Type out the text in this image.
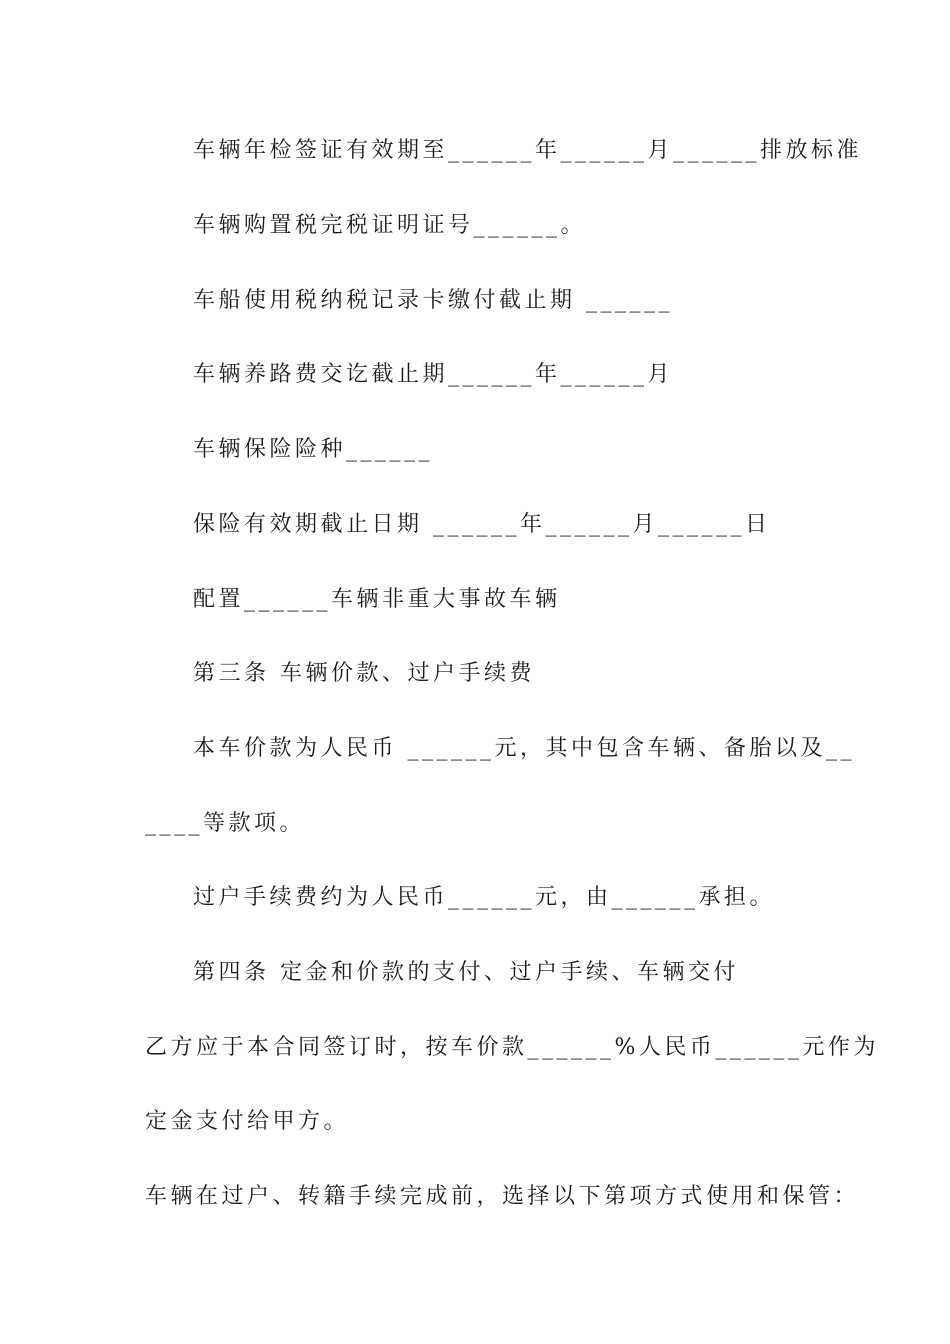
车辆年检签证有效期至______年______月______排放标准

车辆购置税完税证明证号______。

车船使用税纳税记录卡缴付截止期 ______

车辆养路费交讫截止期______年______月

车辆保险险种______

保险有效期截止日期 ______年______月______日

配置______车辆非重大事故车辆

第三条 车辆价款、过户手续费

本车价款为人民币 ______元，其中包含车辆、备胎以及__

____等款项。

过户手续费约为人民币______元，由______承担。

第四条 定金和价款的支付、过户手续、车辆交付

乙方应于本合同签订时，按车价款______%人民币______元作为

定金支付给甲方。

车辆在过户、转籍手续完成前，选择以下第项方式使用和保管：
